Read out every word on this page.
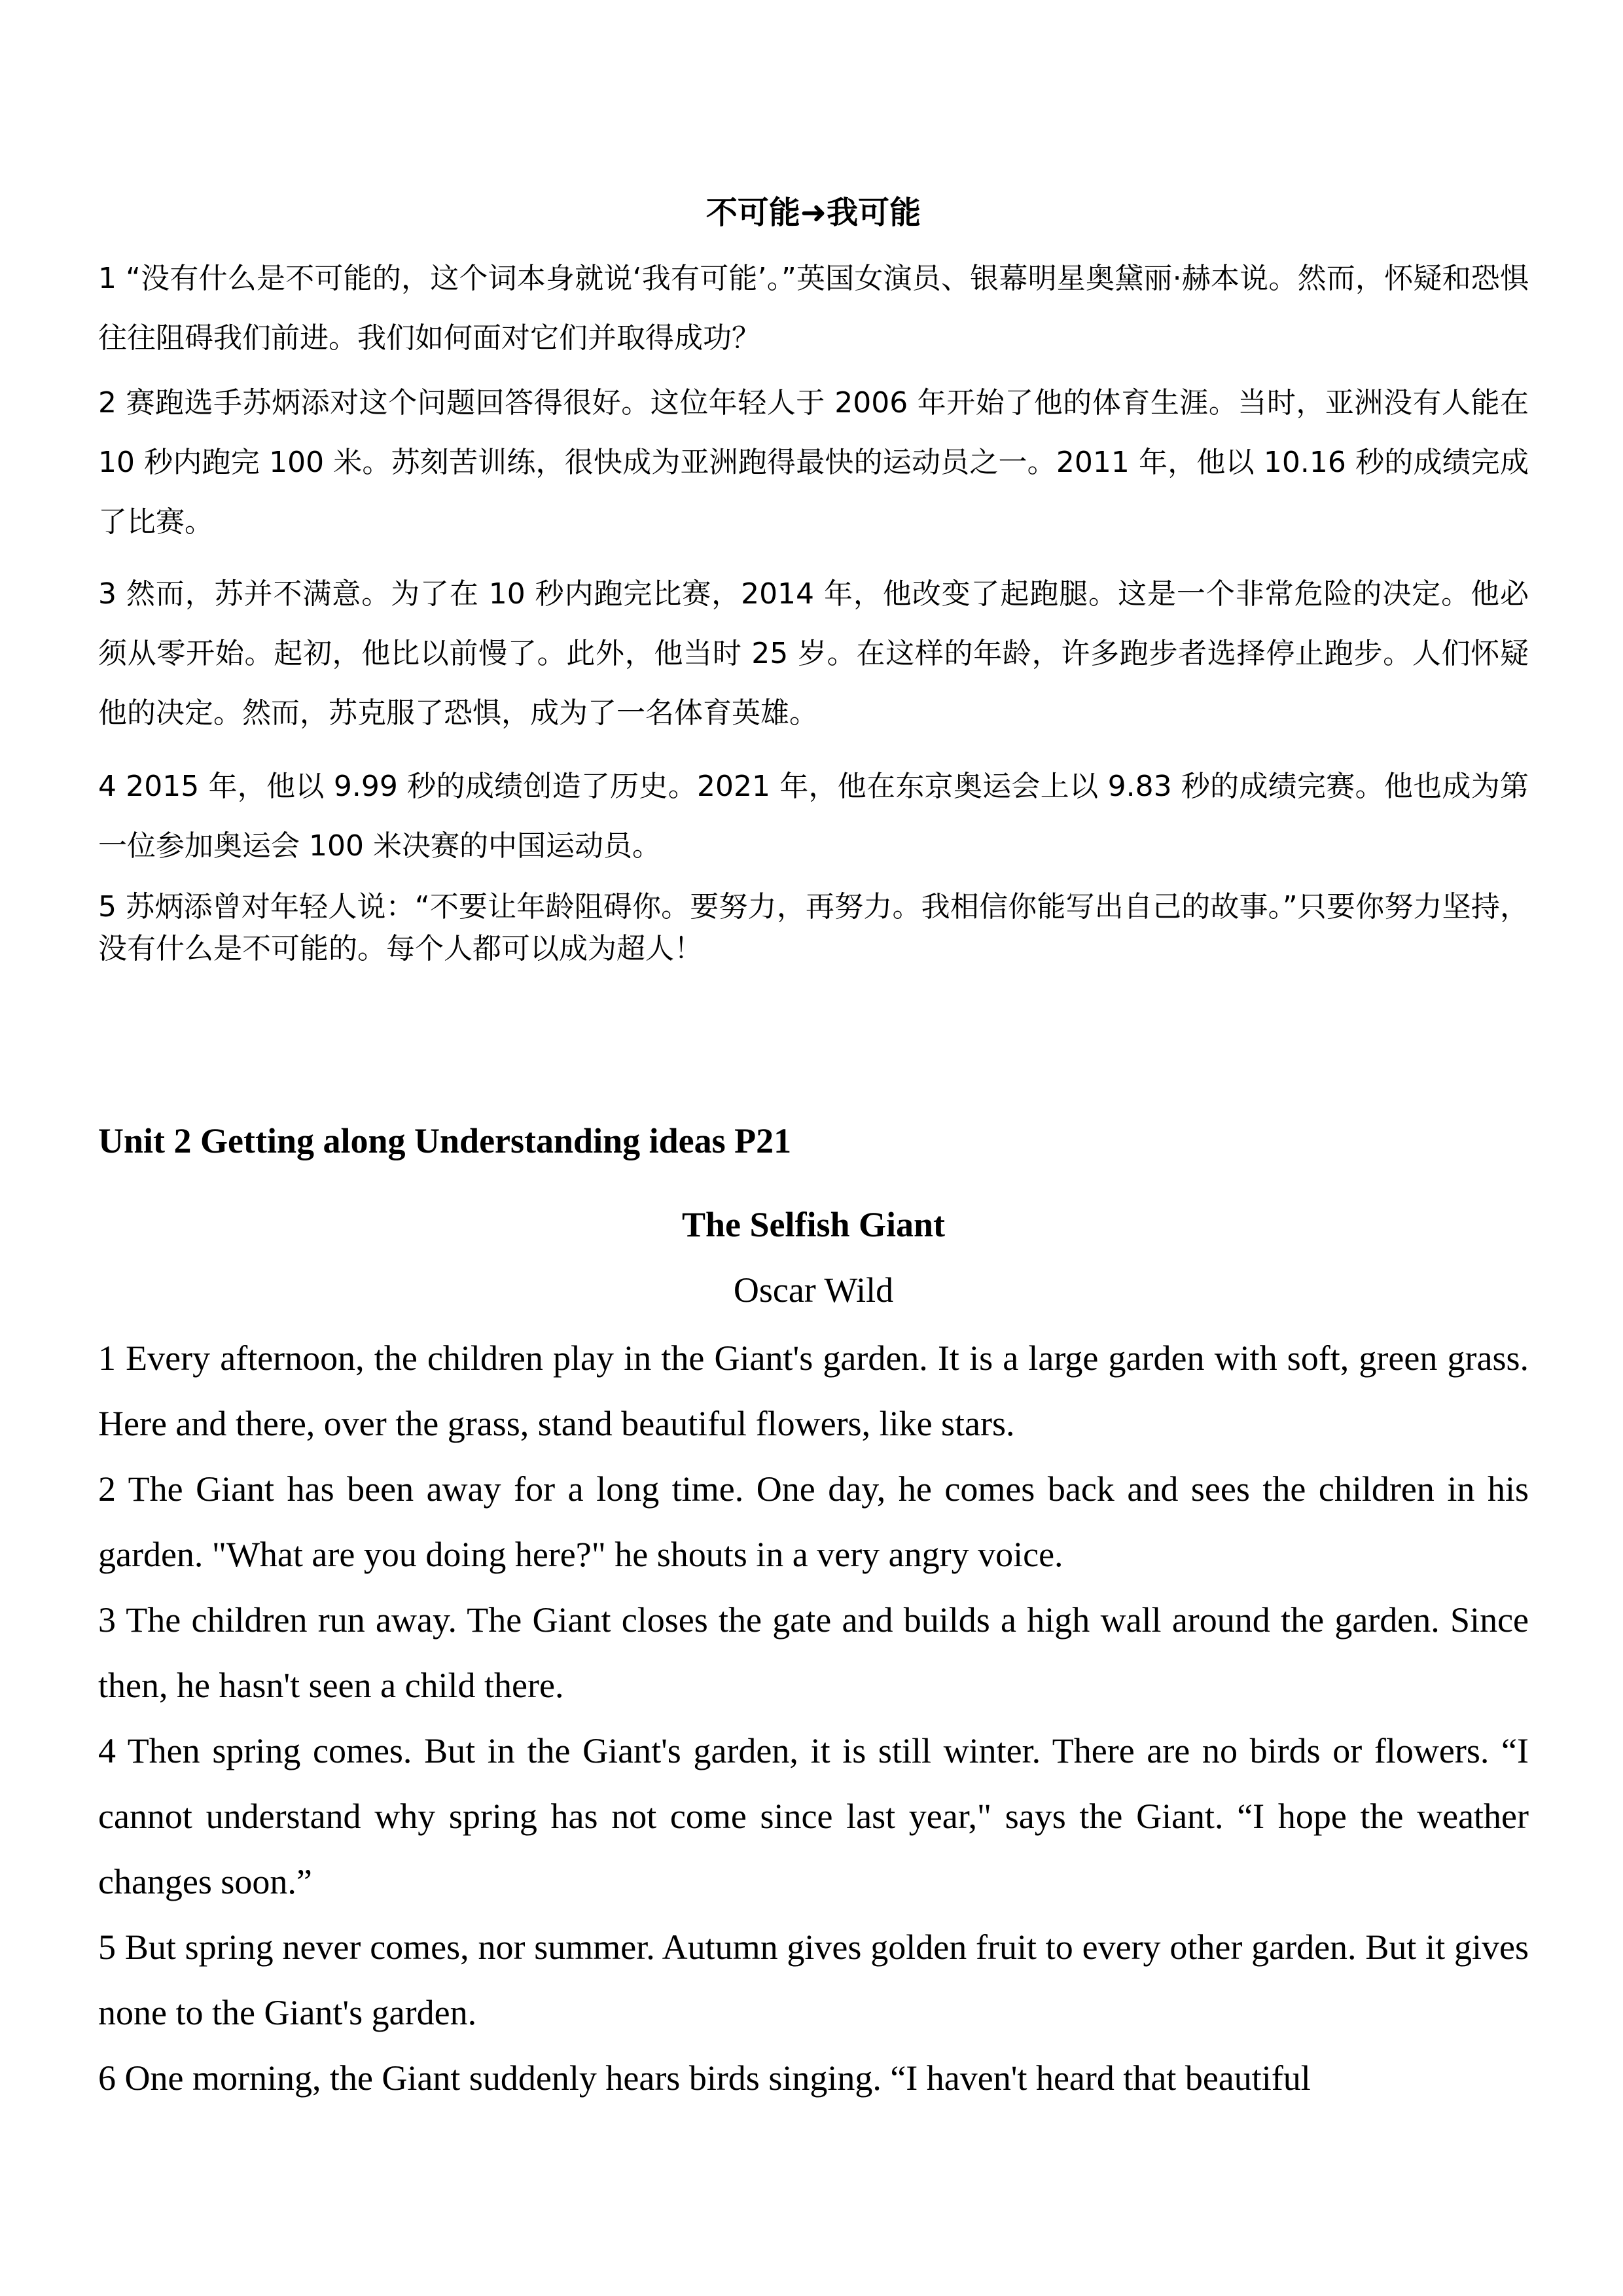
不可能➜我可能

1 “没有什么是不可能的，这个词本身就说‘我有可能’。”英国女演员、银幕明星奥黛丽·赫本说。然而，怀疑和恐惧往往阻碍我们前进。我们如何面对它们并取得成功？

2 赛跑选手苏炳添对这个问题回答得很好。这位年轻人于 2006 年开始了他的体育生涯。当时，亚洲没有人能在 10 秒内跑完 100 米。苏刻苦训练，很快成为亚洲跑得最快的运动员之一。2011 年，他以 10.16 秒的成绩完成了比赛。

3 然而，苏并不满意。为了在 10 秒内跑完比赛，2014 年，他改变了起跑腿。这是一个非常危险的决定。他必须从零开始。起初，他比以前慢了。此外，他当时 25 岁。在这样的年龄，许多跑步者选择停止跑步。人们怀疑他的决定。然而，苏克服了恐惧，成为了一名体育英雄。

4 2015 年，他以 9.99 秒的成绩创造了历史。2021 年，他在东京奥运会上以 9.83 秒的成绩完赛。他也成为第一位参加奥运会 100 米决赛的中国运动员。

5 苏炳添曾对年轻人说：“不要让年龄阻碍你。要努力，再努力。我相信你能写出自己的故事。”只要你努力坚持，没有什么是不可能的。每个人都可以成为超人！

Unit 2 Getting along Understanding ideas P21
The Selfish Giant
Oscar Wild

1 Every afternoon, the children play in the Giant's garden. It is a large garden with soft, green grass. Here and there, over the grass, stand beautiful flowers, like stars.

2 The Giant has been away for a long time. One day, he comes back and sees the children in his garden. "What are you doing here?" he shouts in a very angry voice.

3 The children run away. The Giant closes the gate and builds a high wall around the garden. Since then, he hasn't seen a child there.

4 Then spring comes. But in the Giant's garden, it is still winter. There are no birds or flowers. “I cannot understand why spring has not come since last year," says the Giant. “I hope the weather changes soon.”

5 But spring never comes, nor summer. Autumn gives golden fruit to every other garden. But it gives none to the Giant's garden.

6 One morning, the Giant suddenly hears birds singing. “I haven't heard that beautiful
